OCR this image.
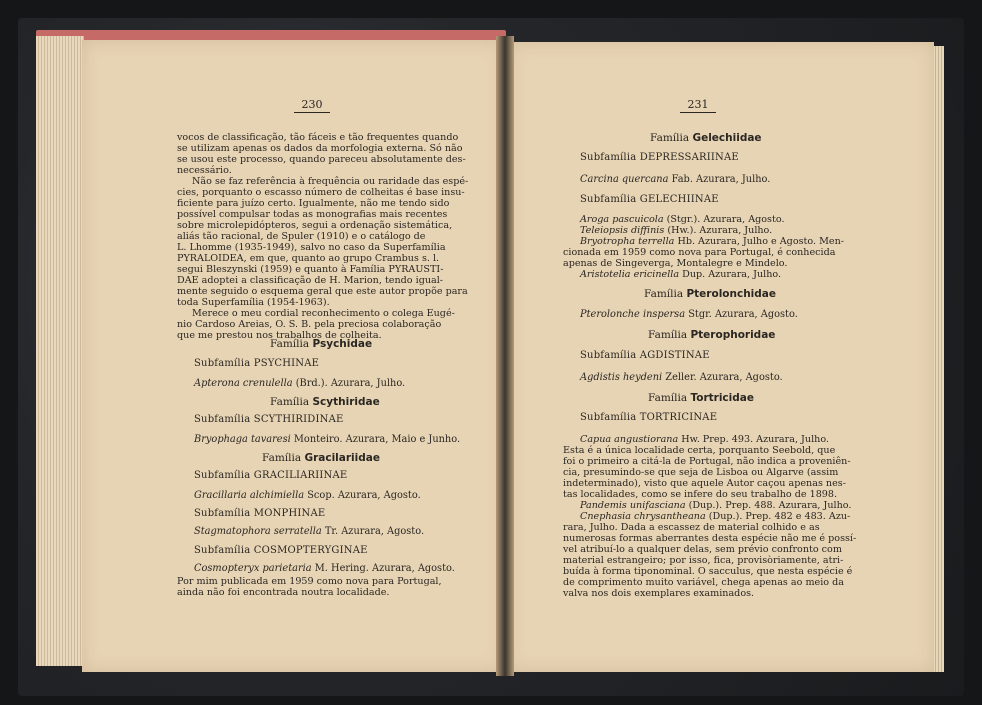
230
vocos de classificação, tão fáceis e tão frequentes quando
se utilizam apenas os dados da morfologia externa. Só não
se usou este processo, quando pareceu absolutamente des-
necessário.
Não se faz referência à frequência ou raridade das espé-
cies, porquanto o escasso número de colheitas é base insu-
ficiente para juízo certo. Igualmente, não me tendo sido
possível compulsar todas as monografias mais recentes
sobre microlepidópteros, segui a ordenação sistemática,
aliás tão racional, de Spuler (1910) e o catálogo de
L. Lhomme (1935-1949), salvo no caso da Superfamília
PYRALOIDEA, em que, quanto ao grupo Crambus s. l.
segui Bleszynski (1959) e quanto à Família PYRAUSTI-
DAE adoptei a classificação de H. Marion, tendo igual-
mente seguido o esquema geral que este autor propõe para
toda Superfamília (1954-1963).
Merece o meu cordial reconhecimento o colega Eugé-
nio Cardoso Areias, O. S. B. pela preciosa colaboração
que me prestou nos trabalhos de colheita.
Família Psychidae
Subfamília PSYCHINAE
Apterona crenulella (Brd.). Azurara, Julho.
Família Scythiridae
Subfamília SCYTHIRIDINAE
Bryophaga tavaresi Monteiro. Azurara, Maio e Junho.
Família Gracilariidae
Subfamília GRACILIARIINAE
Gracillaria alchimiella Scop. Azurara, Agosto.
Subfamília MONPHINAE
Stagmatophora serratella Tr. Azurara, Agosto.
Subfamília COSMOPTERYGINAE
Cosmopteryx parietaria M. Hering. Azurara, Agosto.
Por mim publicada em 1959 como nova para Portugal,
ainda não foi encontrada noutra localidade.
231
Família Gelechiidae
Subfamília DEPRESSARIINAE
Carcina quercana Fab. Azurara, Julho.
Subfamília GELECHIINAE
Aroga pascuicola (Stgr.). Azurara, Agosto.
Teleiopsis diffinis (Hw.). Azurara, Julho.
Bryotropha terrella Hb. Azurara, Julho e Agosto. Men-
cionada em 1959 como nova para Portugal, é conhecida
apenas de Singeverga, Montalegre e Mindelo.
Aristotelia ericinella Dup. Azurara, Julho.
Família Pterolonchidae
Pterolonche inspersa Stgr. Azurara, Agosto.
Família Pterophoridae
Subfamília AGDISTINAE
Agdistis heydeni Zeller. Azurara, Agosto.
Família Tortricidae
Subfamília TORTRICINAE
Capua angustiorana Hw. Prep. 493. Azurara, Julho.
Esta é a única localidade certa, porquanto Seebold, que
foi o primeiro a citá-la de Portugal, não indica a proveniên-
cia, presumindo-se que seja de Lisboa ou Algarve (assim
indeterminado), visto que aquele Autor caçou apenas nes-
tas localidades, como se infere do seu trabalho de 1898.
Pandemis unifasciana (Dup.). Prep. 488. Azurara, Julho.
Cnephasia chrysantheana (Dup.). Prep. 482 e 483. Azu-
rara, Julho. Dada a escassez de material colhido e as
numerosas formas aberrantes desta espécie não me é possí-
vel atribuí-lo a qualquer delas, sem prévio confronto com
material estrangeiro; por isso, fica, provisòriamente, atri-
buída à forma tiponominal. O sacculus, que nesta espécie é
de comprimento muito variável, chega apenas ao meio da
valva nos dois exemplares examinados.
